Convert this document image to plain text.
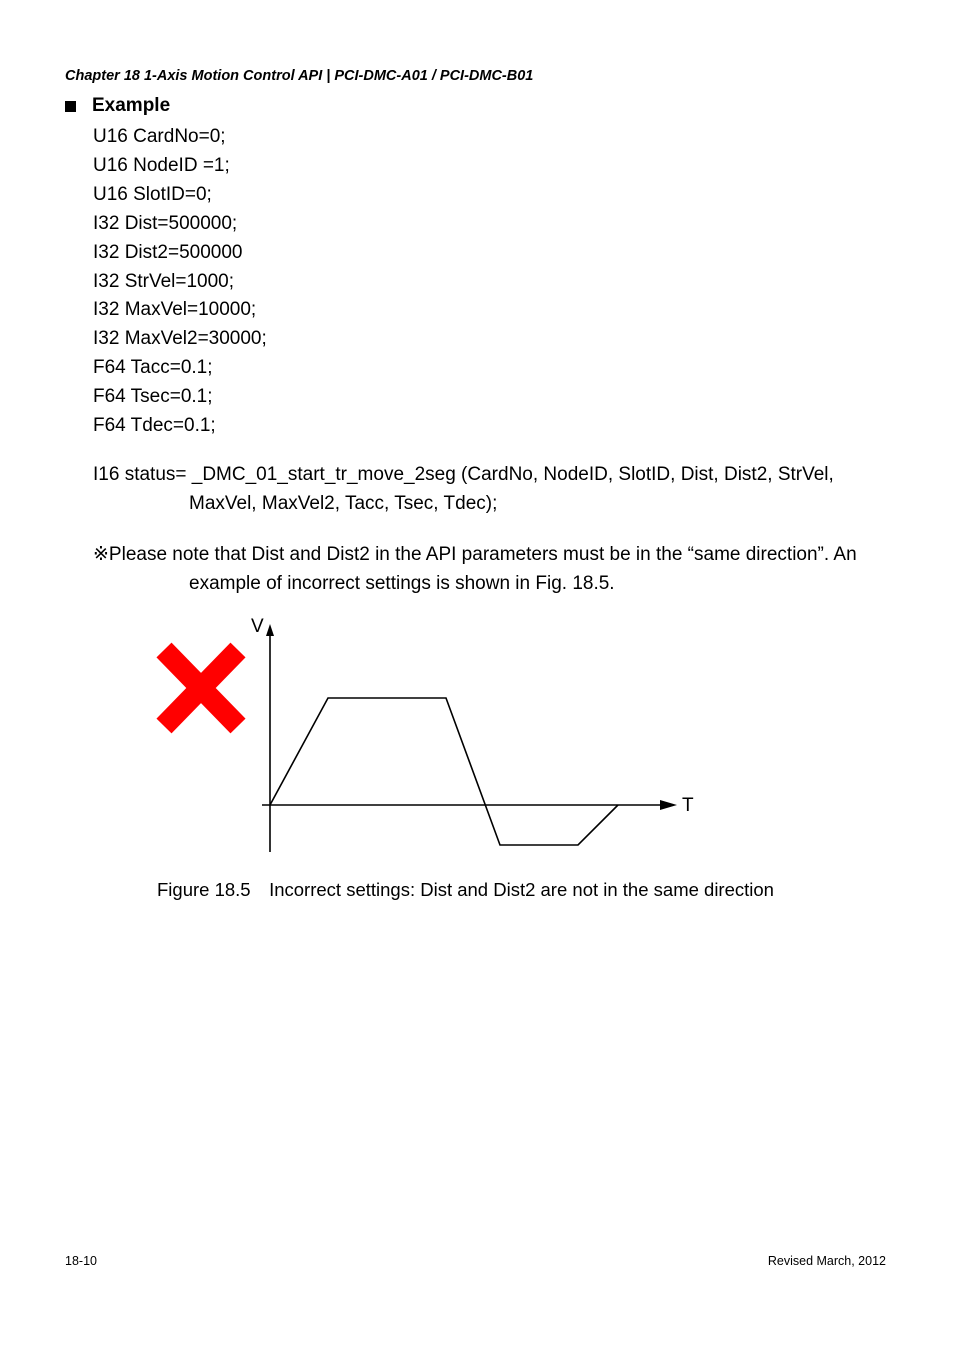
Chapter 18 1-Axis Motion Control API | PCI-DMC-A01 / PCI-DMC-B01
Example
U16 CardNo=0;
U16 NodeID =1;
U16 SlotID=0;
I32 Dist=500000;
I32 Dist2=500000
I32 StrVel=1000;
I32 MaxVel=10000;
I32 MaxVel2=30000;
F64 Tacc=0.1;
F64 Tsec=0.1;
F64 Tdec=0.1;
I16 status= _DMC_01_start_tr_move_2seg (CardNo, NodeID, SlotID, Dist, Dist2, StrVel,
MaxVel, MaxVel2, Tacc, Tsec, Tdec);
※Please note that Dist and Dist2 in the API parameters must be in the “same direction”. An
example of incorrect settings is shown in Fig. 18.5.
V
T
Figure 18.5　Incorrect settings: Dist and Dist2 are not in the same direction
18-10	Revised March, 2012
